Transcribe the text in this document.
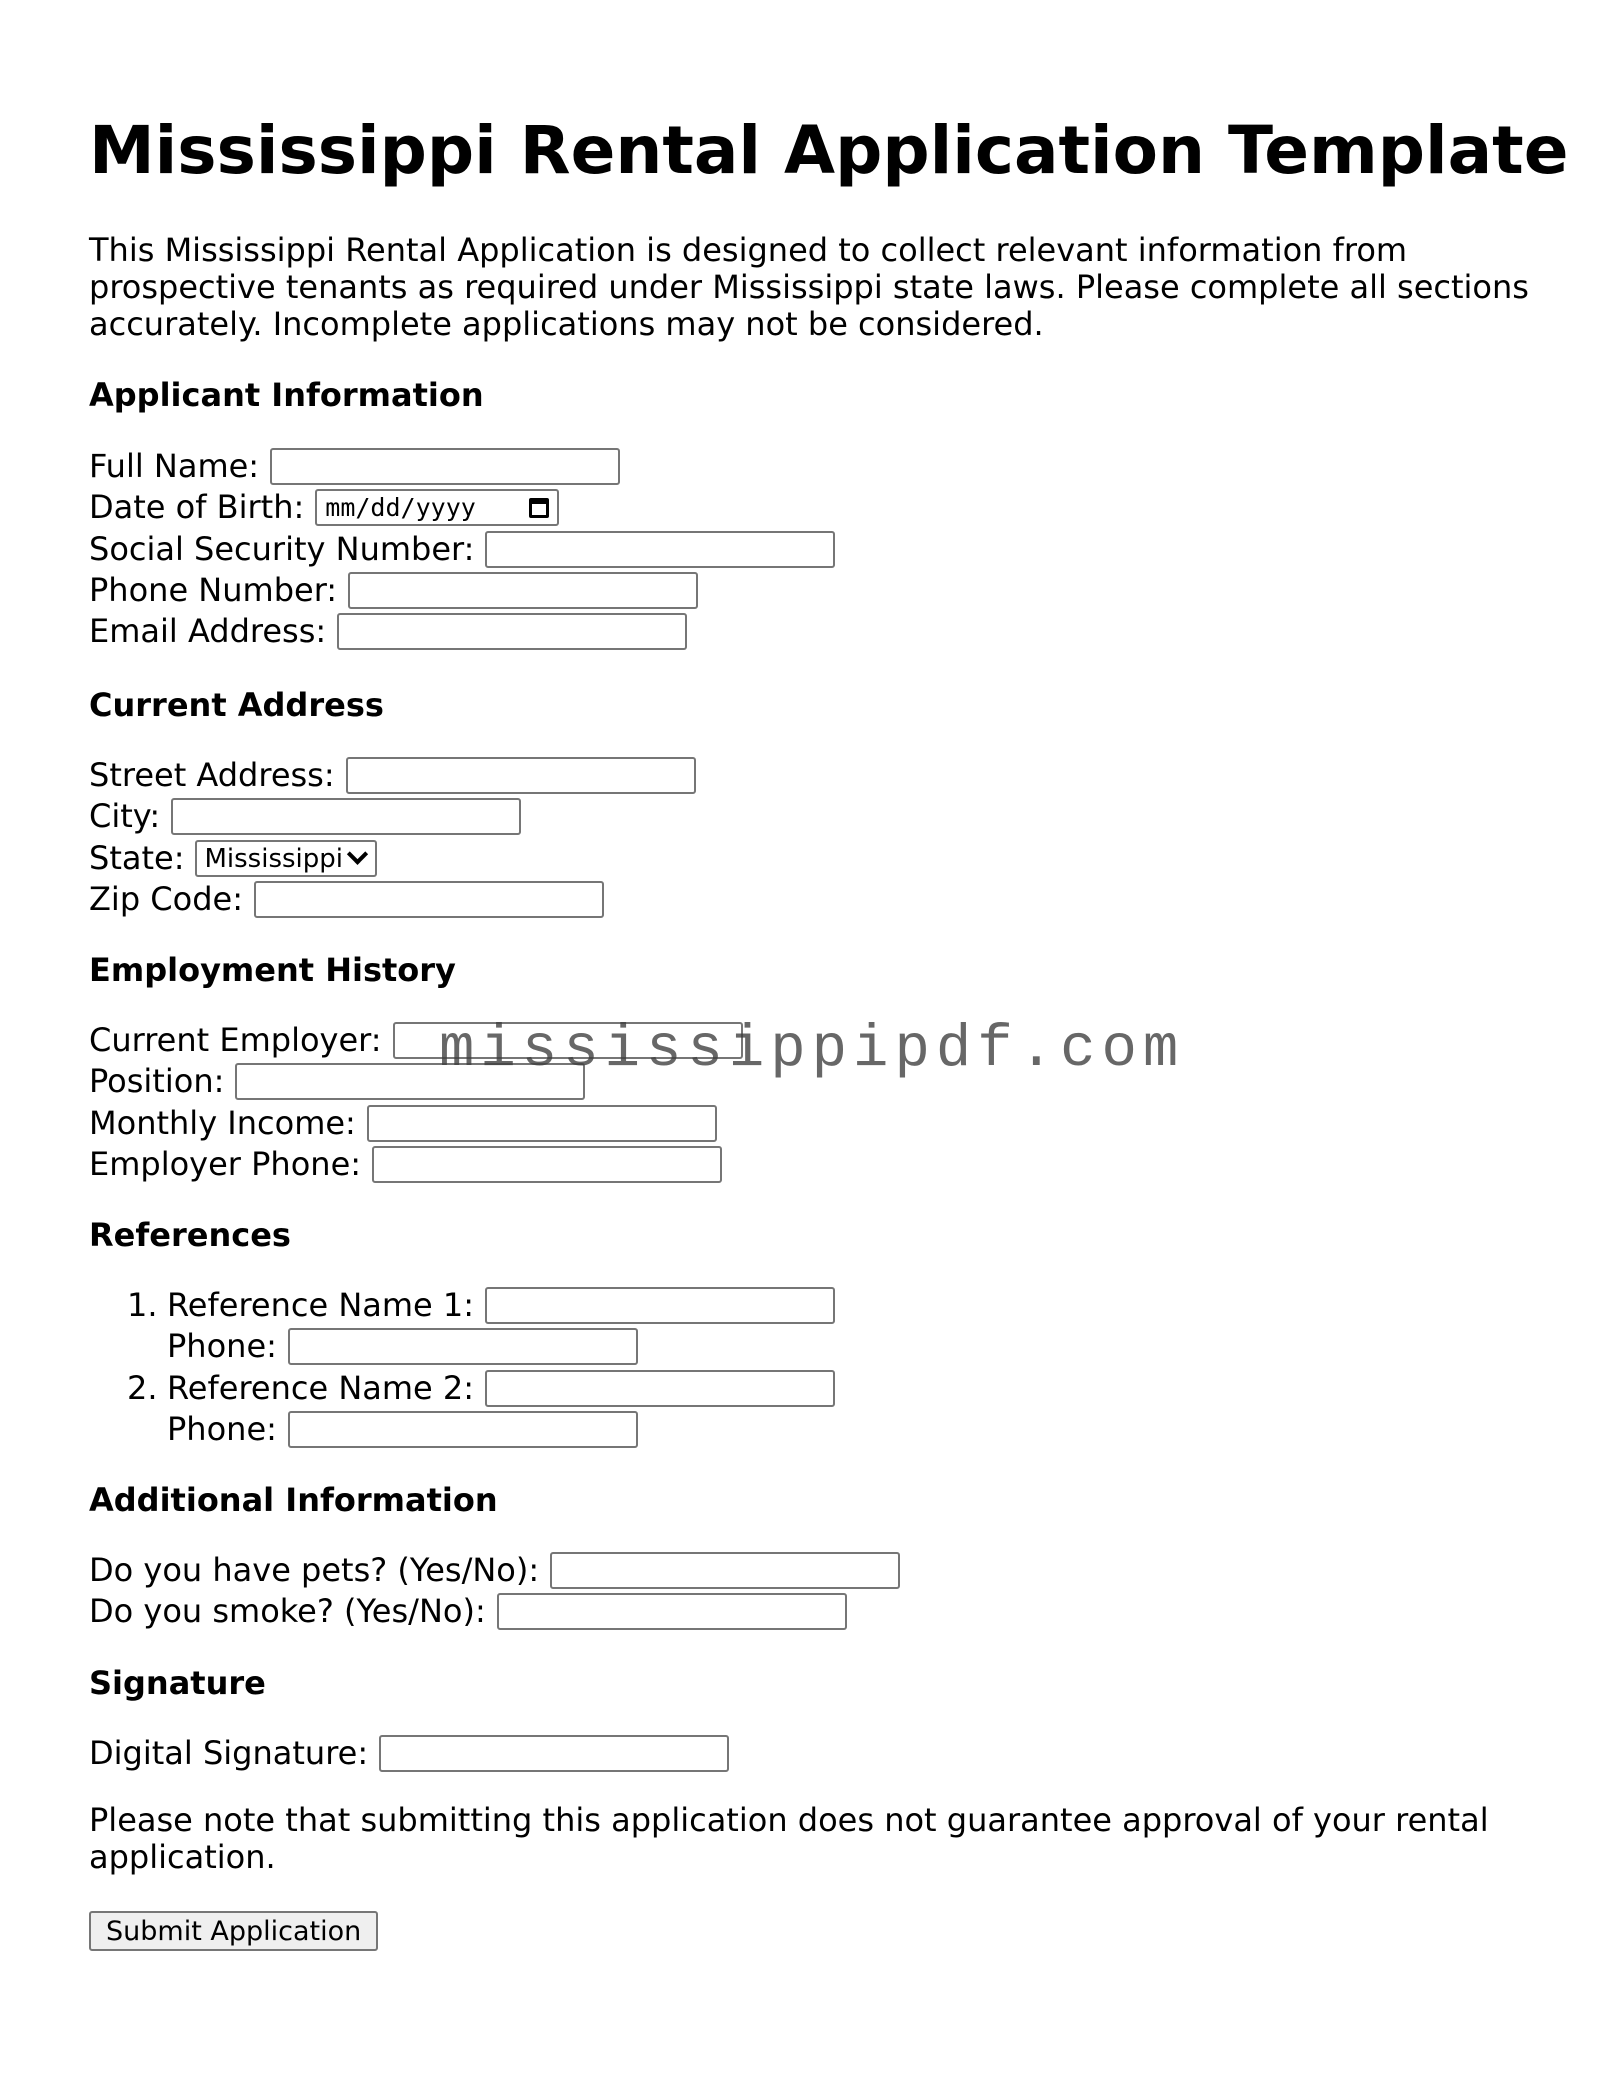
Mississippi Rental Application Template

This Mississippi Rental Application is designed to collect relevant information from prospective tenants as required under Mississippi state laws. Please complete all sections accurately. Incomplete applications may not be considered.

Applicant Information
Full Name:
Date of Birth: mm/dd/yyyy
Social Security Number:
Phone Number:
Email Address:
Current Address
Street Address:
City:
State: Mississippi
Zip Code:
Employment History
Current Employer:
Position:
Monthly Income:
Employer Phone:
References
1. Reference Name 1:
Phone:
2. Reference Name 2:
Phone:
Additional Information
Do you have pets? (Yes/No):
Do you smoke? (Yes/No):
Signature
Digital Signature:

Please note that submitting this application does not guarantee approval of your rental application.

Submit Application
mississippipdf.com
